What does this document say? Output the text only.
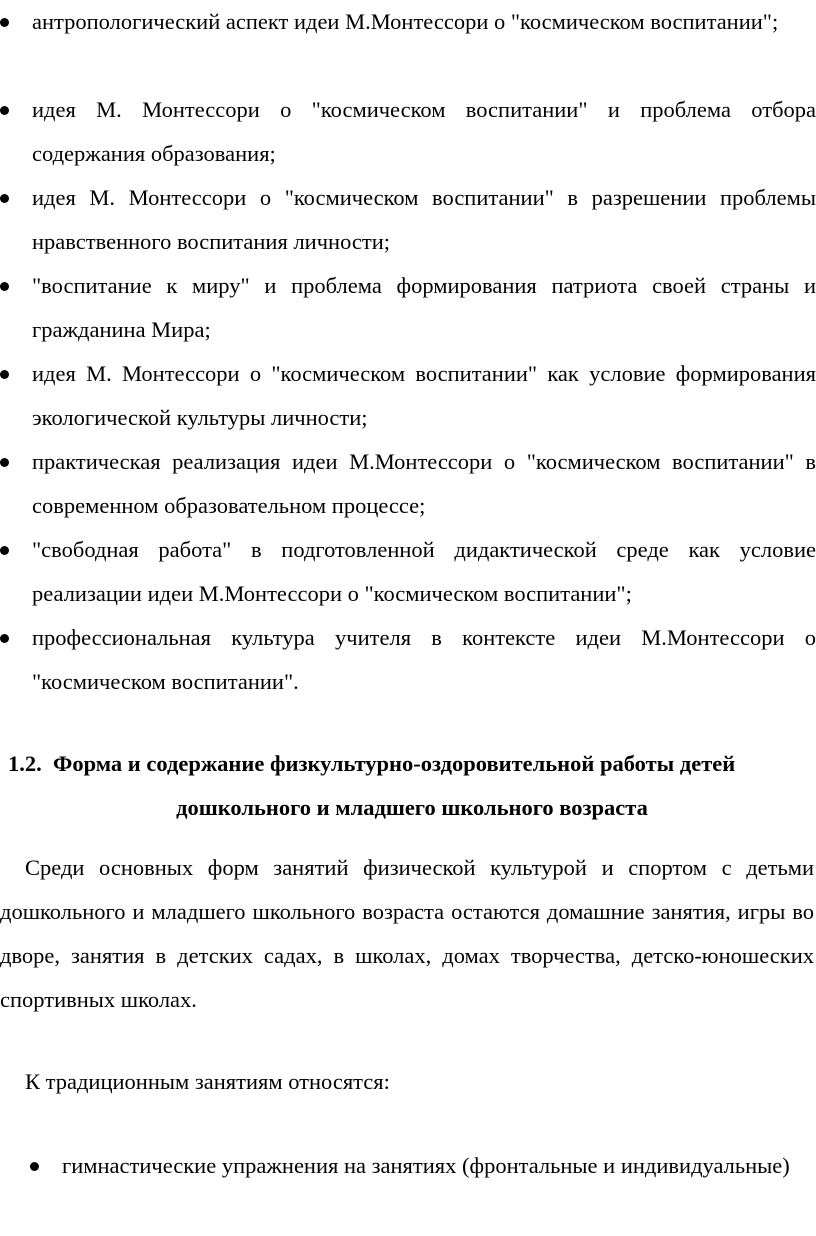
антропологический аспект идеи М.Монтессори о "космическом воспитании";
идея М. Монтессори о "космическом воспитании" и проблема отбора содержания образования;
идея М. Монтессори о "космическом воспитании" в разрешении проблемы нравственного воспитания личности;
"воспитание к миру" и проблема формирования патриота своей страны и гражданина Мира;
идея М. Монтессори о "космическом воспитании" как условие формирования экологической культуры личности;
практическая реализация идеи М.Монтессори о "космическом воспитании" в современном образовательном процессе;
"свободная работа" в подготовленной дидактической среде как условие реализации идеи М.Монтессори о "космическом воспитании";
профессиональная культура учителя в контексте идеи М.Монтессори о "космическом воспитании".
1.2. Форма и содержание физкультурно-оздоровительной работы детей
дошкольного и младшего школьного возраста

Среди основных форм занятий физической культурой и спортом с детьми дошкольного и младшего школьного возраста остаются домашние занятия, игры во дворе, занятия в детских садах, в школах, домах творчества, детско-юношеских спортивных школах.

К традиционным занятиям относятся:

гимнастические упражнения на занятиях (фронтальные и индивидуальные)
